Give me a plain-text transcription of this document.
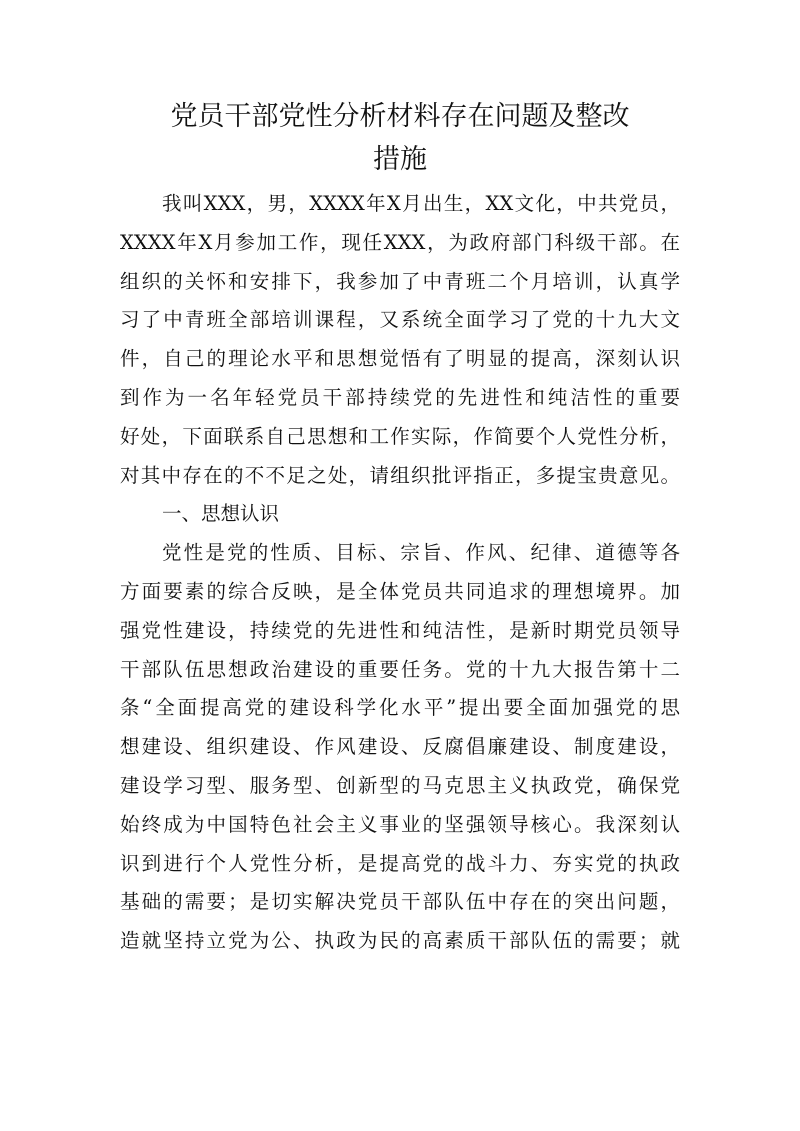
党员干部党性分析材料存在问题及整改
措施
我叫XXX，男，XXXX年X月出生，XX文化，中共党员，
XXXX年X月参加工作，现任XXX，为政府部门科级干部。在
组织的关怀和安排下，我参加了中青班二个月培训，认真学
习了中青班全部培训课程，又系统全面学习了党的十九大文
件，自己的理论水平和思想觉悟有了明显的提高，深刻认识
到作为一名年轻党员干部持续党的先进性和纯洁性的重要
好处，下面联系自己思想和工作实际，作简要个人党性分析，
对其中存在的不不足之处，请组织批评指正，多提宝贵意见。
一、思想认识
党性是党的性质、目标、宗旨、作风、纪律、道德等各
方面要素的综合反映，是全体党员共同追求的理想境界。加
强党性建设，持续党的先进性和纯洁性，是新时期党员领导
干部队伍思想政治建设的重要任务。党的十九大报告第十二
条“全面提高党的建设科学化水平”提出要全面加强党的思
想建设、组织建设、作风建设、反腐倡廉建设、制度建设，
建设学习型、服务型、创新型的马克思主义执政党，确保党
始终成为中国特色社会主义事业的坚强领导核心。我深刻认
识到进行个人党性分析，是提高党的战斗力、夯实党的执政
基础的需要；是切实解决党员干部队伍中存在的突出问题，
造就坚持立党为公、执政为民的高素质干部队伍的需要；就
